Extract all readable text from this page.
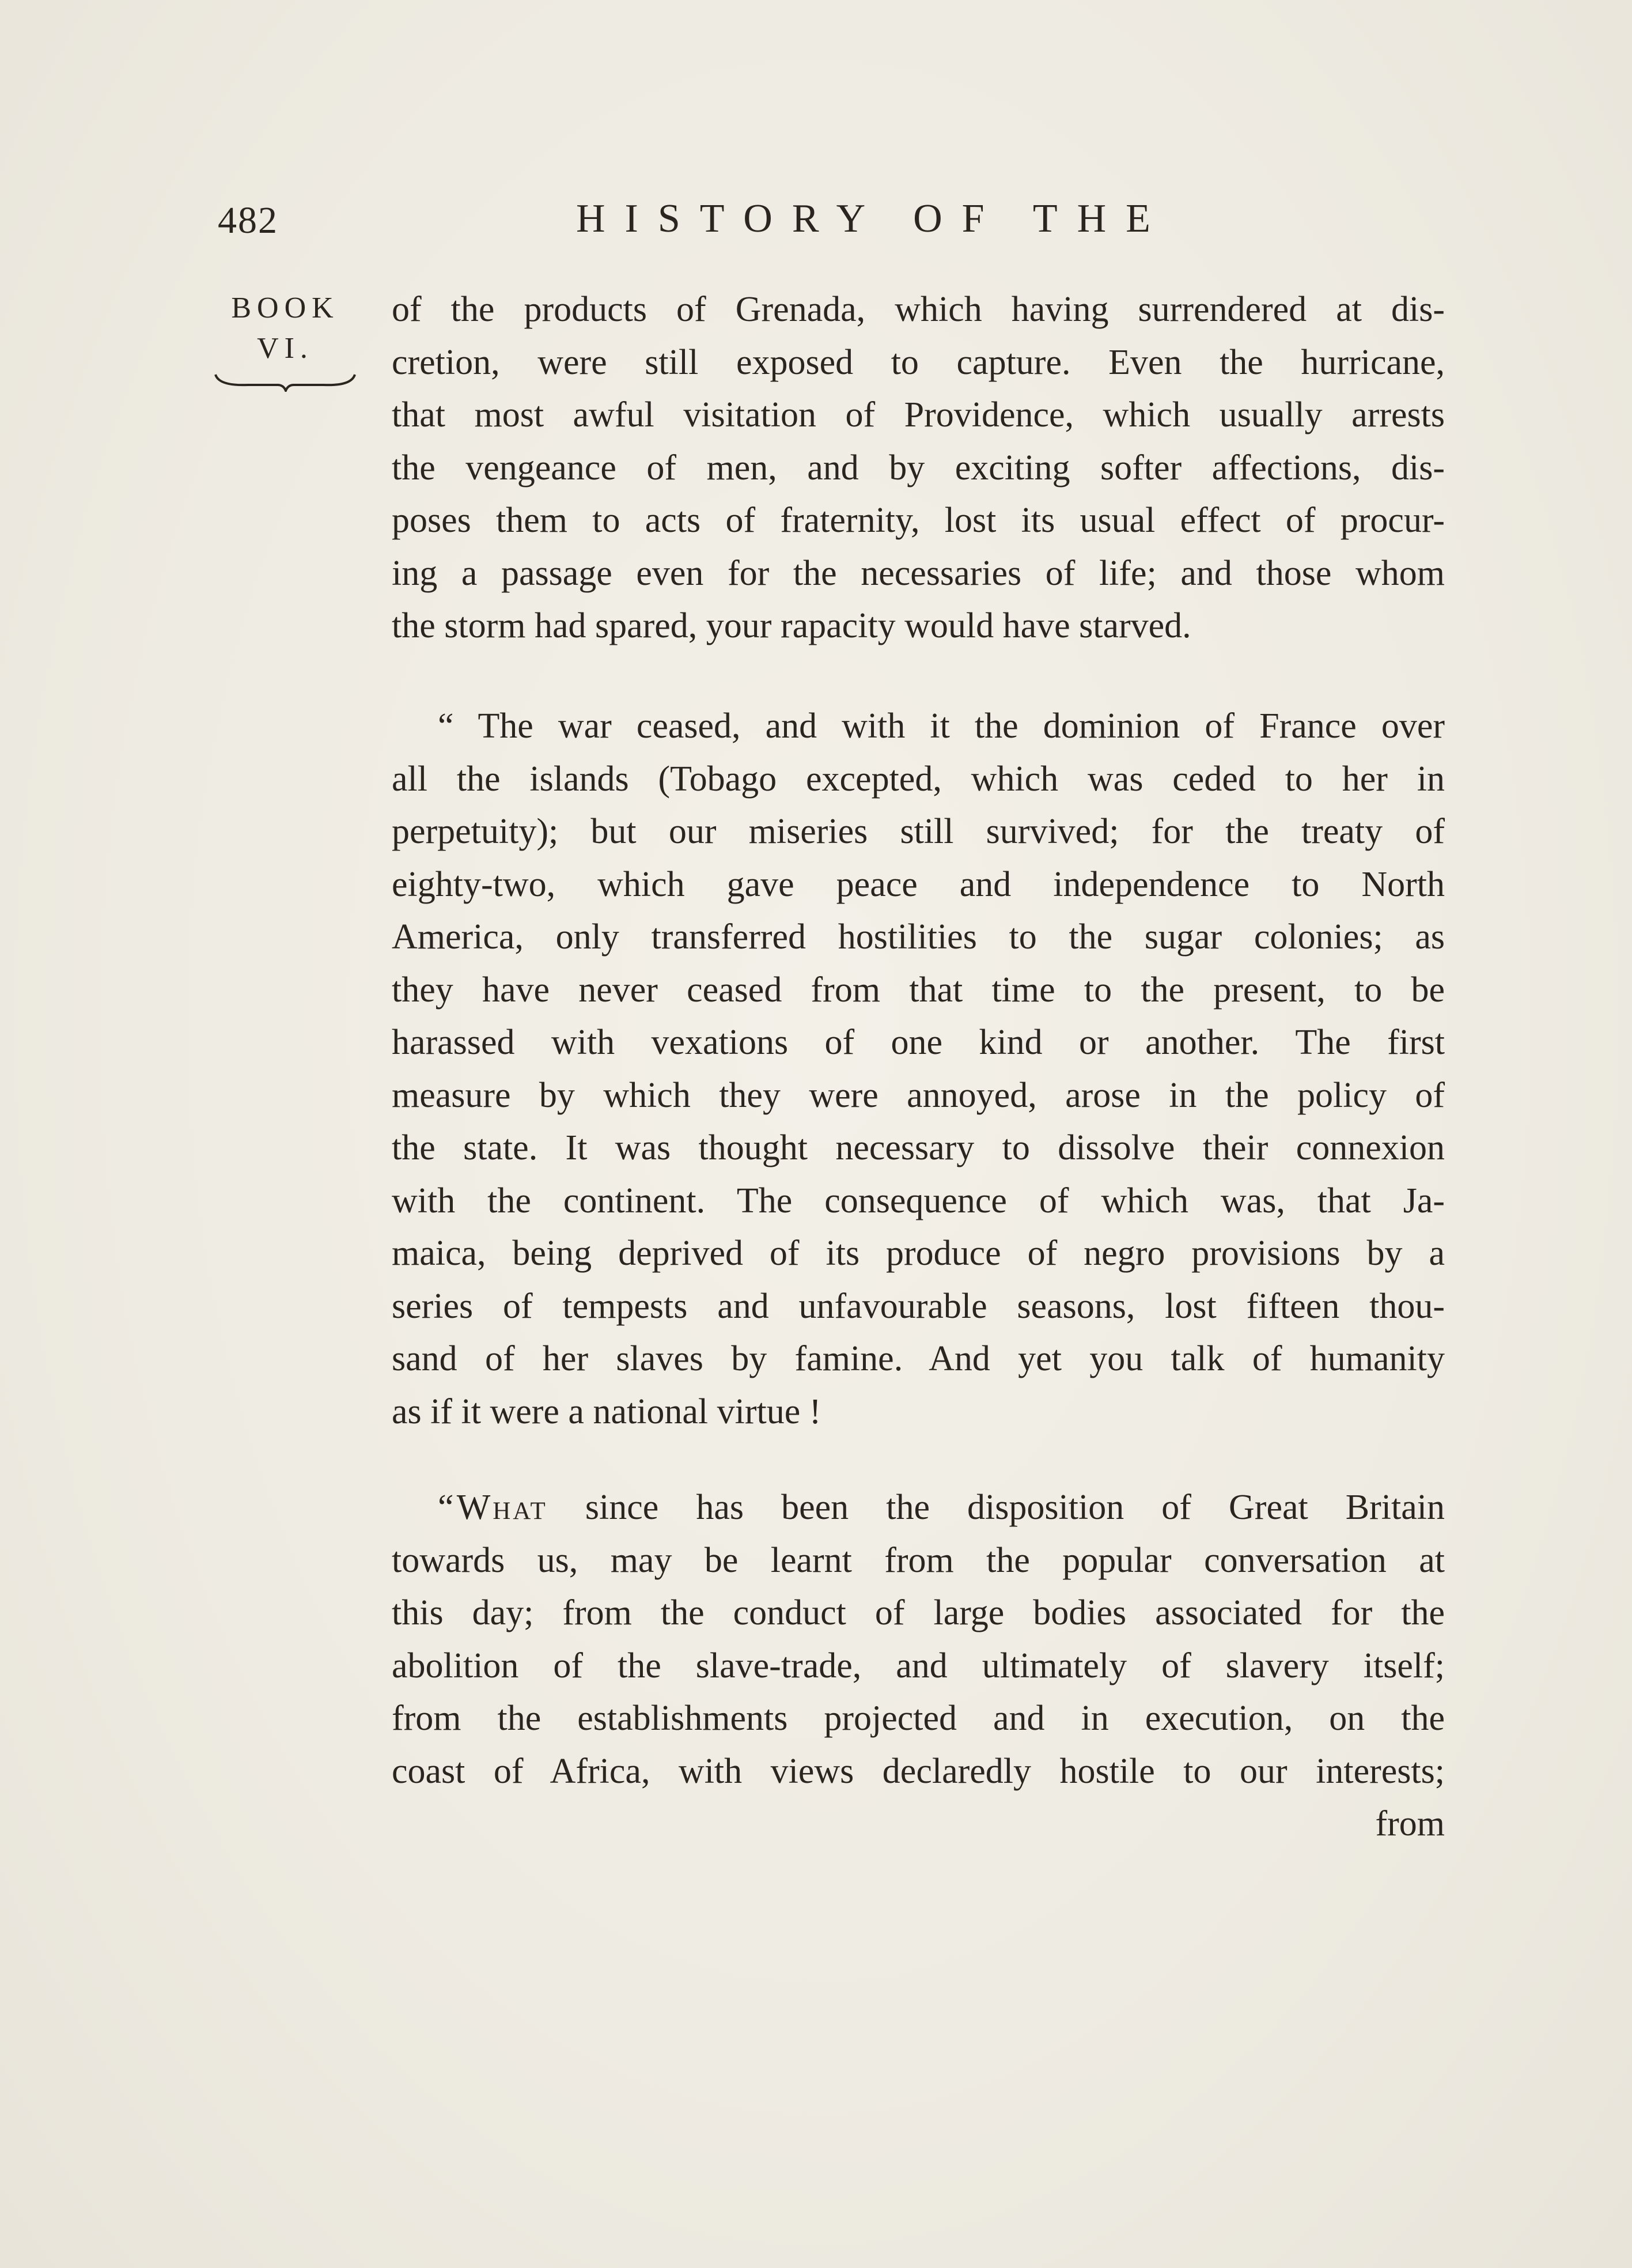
482	HISTORY OF THE
BOOK
VI.
of the products of Grenada, which having surrendered at dis-
cretion, were still exposed to capture. Even the hurricane,
that most awful visitation of Providence, which usually arrests
the vengeance of men, and by exciting softer affections, dis-
poses them to acts of fraternity, lost its usual effect of procur-
ing a passage even for the necessaries of life; and those whom
the storm had spared, your rapacity would have starved.
“ The war ceased, and with it the dominion of France over
all the islands (Tobago excepted, which was ceded to her in
perpetuity); but our miseries still survived; for the treaty of
eighty-two, which gave peace and independence to North
America, only transferred hostilities to the sugar colonies; as
they have never ceased from that time to the present, to be
harassed with vexations of one kind or another. The first
measure by which they were annoyed, arose in the policy of
the state. It was thought necessary to dissolve their connexion
with the continent. The consequence of which was, that Ja-
maica, being deprived of its produce of negro provisions by a
series of tempests and unfavourable seasons, lost fifteen thou-
sand of her slaves by famine. And yet you talk of humanity
as if it were a national virtue !
“ What since has been the disposition of Great Britain
towards us, may be learnt from the popular conversation at
this day; from the conduct of large bodies associated for the
abolition of the slave-trade, and ultimately of slavery itself;
from the establishments projected and in execution, on the
coast of Africa, with views declaredly hostile to our interests;
from
